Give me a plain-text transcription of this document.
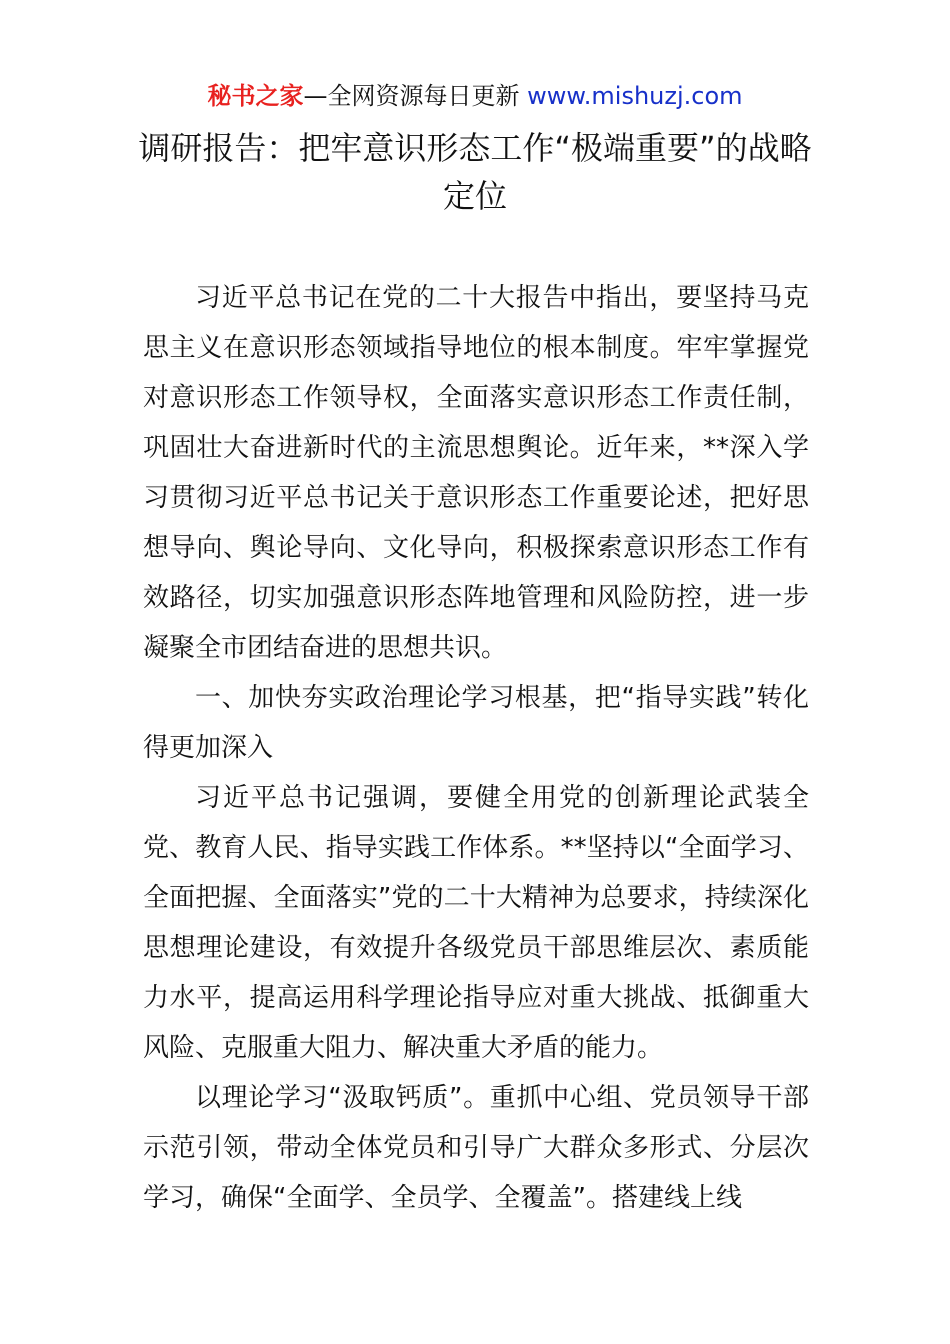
秘书之家—全网资源每日更新 www.mishuzj.com
调研报告：把牢意识形态工作“极端重要”的战略定位

习近平总书记在党的二十大报告中指出，要坚持马克思主义在意识形态领域指导地位的根本制度。牢牢掌握党对意识形态工作领导权，全面落实意识形态工作责任制，巩固壮大奋进新时代的主流思想舆论。近年来，**深入学习贯彻习近平总书记关于意识形态工作重要论述，把好思想导向、舆论导向、文化导向，积极探索意识形态工作有效路径，切实加强意识形态阵地管理和风险防控，进一步凝聚全市团结奋进的思想共识。

一、加快夯实政治理论学习根基，把“指导实践”转化得更加深入

习近平总书记强调，要健全用党的创新理论武装全党、教育人民、指导实践工作体系。**坚持以“全面学习、全面把握、全面落实”党的二十大精神为总要求，持续深化思想理论建设，有效提升各级党员干部思维层次、素质能力水平，提高运用科学理论指导应对重大挑战、抵御重大风险、克服重大阻力、解决重大矛盾的能力。

以理论学习“汲取钙质”。重抓中心组、党员领导干部示范引领，带动全体党员和引导广大群众多形式、分层次学习，确保“全面学、全员学、全覆盖”。搭建线上线
